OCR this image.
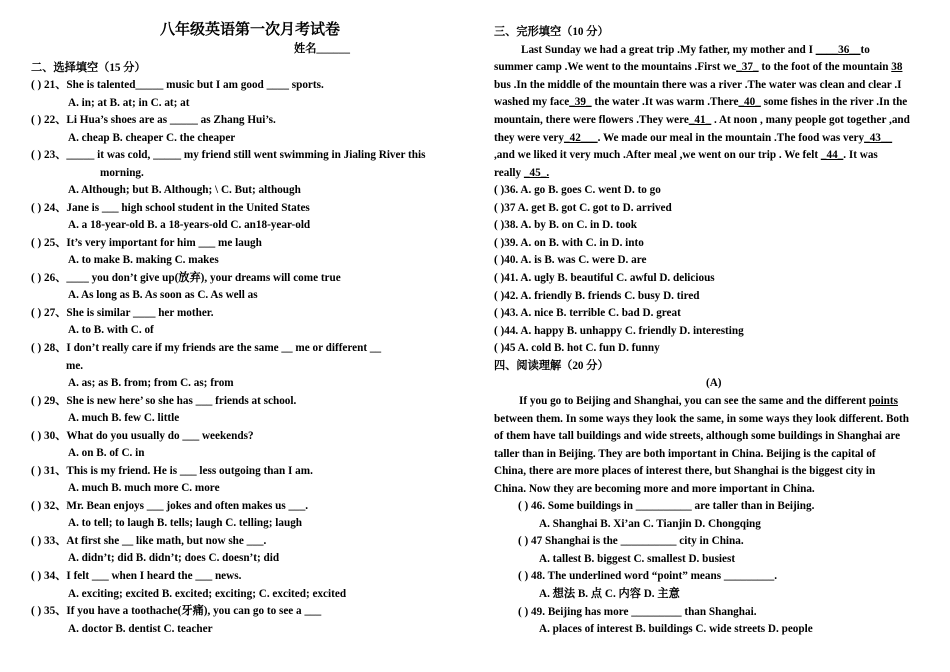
八年级英语第一次月考试卷
姓名______
二、选择填空（15 分）
( ) 21、She is talented_____ music but I am good ____ sports.
A. in; at B. at; in C. at; at
( ) 22、Li Hua’s shoes are as _____ as Zhang Hui’s.
A. cheap B. cheaper C. the cheaper
( ) 23、_____ it was cold, _____ my friend still went swimming in Jialing River this
morning.
A. Although; but B. Although; \ C. But; although
( ) 24、Jane is ___ high school student in the United States
A. a 18-year-old B. a 18-years-old C. an18-year-old
( ) 25、It’s very important for him ___ me laugh
A. to make B. making C. makes
( ) 26、____ you don’t give up(放弃), your dreams will come true
A. As long as B. As soon as C. As well as
( ) 27、She is similar ____ her mother.
A. to B. with C. of
( ) 28、I don’t really care if my friends are the same __ me or different __
me.
A. as; as B. from; from C. as; from
( ) 29、She is new here’ so she has ___ friends at school.
A. much B. few C. little
( ) 30、What do you usually do ___ weekends?
A. on B. of C. in
( ) 31、This is my friend. He is ___ less outgoing than I am.
A. much B. much more C. more
( ) 32、Mr. Bean enjoys ___ jokes and often makes us ___.
A. to tell; to laugh B. tells; laugh C. telling; laugh
( ) 33、At first she __ like math, but now she ___.
A. didn’t; did B. didn’t; does C. doesn’t; did
( ) 34、I felt ___ when I heard the ___ news.
A. exciting; excited B. excited; exciting; C. excited; excited
( ) 35、If you have a toothache(牙痛), you can go to see a ___
A. doctor B. dentist C. teacher
三、完形填空（10 分）
Last Sunday we had a great trip .My father, my mother and I ____36__to
summer camp .We went to the mountains .First we_37_ to the foot of the mountain 38
bus .In the middle of the mountain there was a river .The water was clean and clear .I
washed my face_39_ the water .It was warm .There_40_ some fishes in the river .In the
mountain, there were flowers .They were_41_ . At noon , many people got together ,and
they were very_42___. We made our meal in the mountain .The food was very_43__
,and we liked it very much .After meal ,we went on our trip . We felt _44_. It was
really _45_.
( )36. A. go B. goes C. went D. to go
( )37 A. get B. got C. got to D. arrived
( )38. A. by B. on C. in D. took
( )39. A. on B. with C. in D. into
( )40. A. is B. was C. were D. are
( )41. A. ugly B. beautiful C. awful D. delicious
( )42. A. friendly B. friends C. busy D. tired
( )43. A. nice B. terrible C. bad D. great
( )44. A. happy B. unhappy C. friendly D. interesting
( )45 A. cold B. hot C. fun D. funny
四、阅读理解（20 分）
(A)
If you go to Beijing and Shanghai, you can see the same and the different points
between them. In some ways they look the same, in some ways they look different. Both
of them have tall buildings and wide streets, although some buildings in Shanghai are
taller than in Beijing. They are both important in China. Beijing is the capital of
China, there are more places of interest there, but Shanghai is the biggest city in
China. Now they are becoming more and more important in China.
( ) 46. Some buildings in __________ are taller than in Beijing.
A. Shanghai B. Xi’an C. Tianjin D. Chongqing
( ) 47 Shanghai is the __________ city in China.
A. tallest B. biggest C. smallest D. busiest
( ) 48. The underlined word “point” means _________.
A. 想法 B. 点 C. 内容 D. 主意
( ) 49. Beijing has more _________ than Shanghai.
A. places of interest B. buildings C. wide streets D. people
